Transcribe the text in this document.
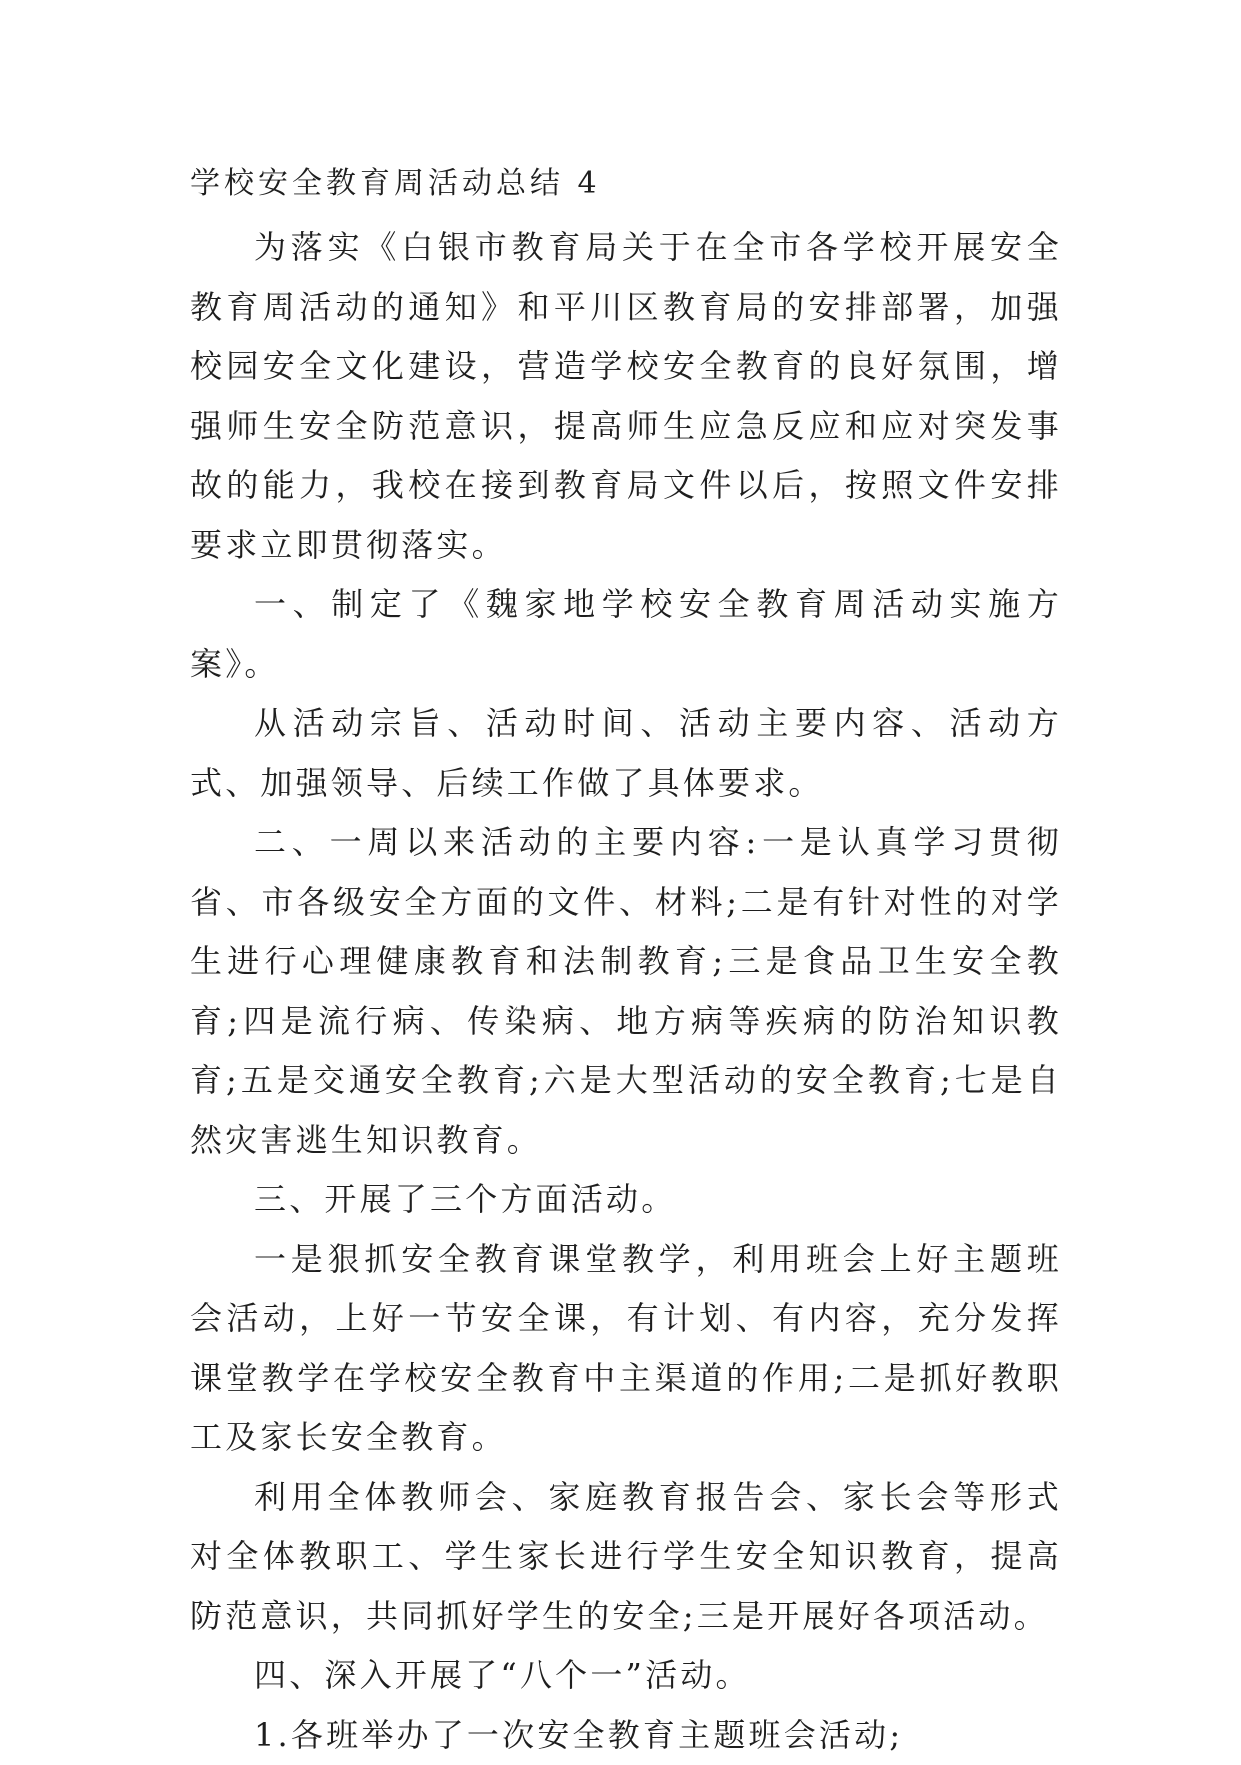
学校安全教育周活动总结 4

为落实《白银市教育局关于在全市各学校开展安全教育周活动的通知》和平川区教育局的安排部署，加强校园安全文化建设，营造学校安全教育的良好氛围，增强师生安全防范意识，提高师生应急反应和应对突发事故的能力，我校在接到教育局文件以后，按照文件安排要求立即贯彻落实。

一、制定了《魏家地学校安全教育周活动实施方案》。

从活动宗旨、活动时间、活动主要内容、活动方式、加强领导、后续工作做了具体要求。

二、一周以来活动的主要内容:一是认真学习贯彻省、市各级安全方面的文件、材料;二是有针对性的对学生进行心理健康教育和法制教育;三是食品卫生安全教育;四是流行病、传染病、地方病等疾病的防治知识教育;五是交通安全教育;六是大型活动的安全教育;七是自然灾害逃生知识教育。

三、开展了三个方面活动。

一是狠抓安全教育课堂教学，利用班会上好主题班会活动，上好一节安全课，有计划、有内容，充分发挥课堂教学在学校安全教育中主渠道的作用;二是抓好教职工及家长安全教育。

利用全体教师会、家庭教育报告会、家长会等形式对全体教职工、学生家长进行学生安全知识教育，提高防范意识，共同抓好学生的安全;三是开展好各项活动。

四、深入开展了“八个一”活动。

1.各班举办了一次安全教育主题班会活动;
